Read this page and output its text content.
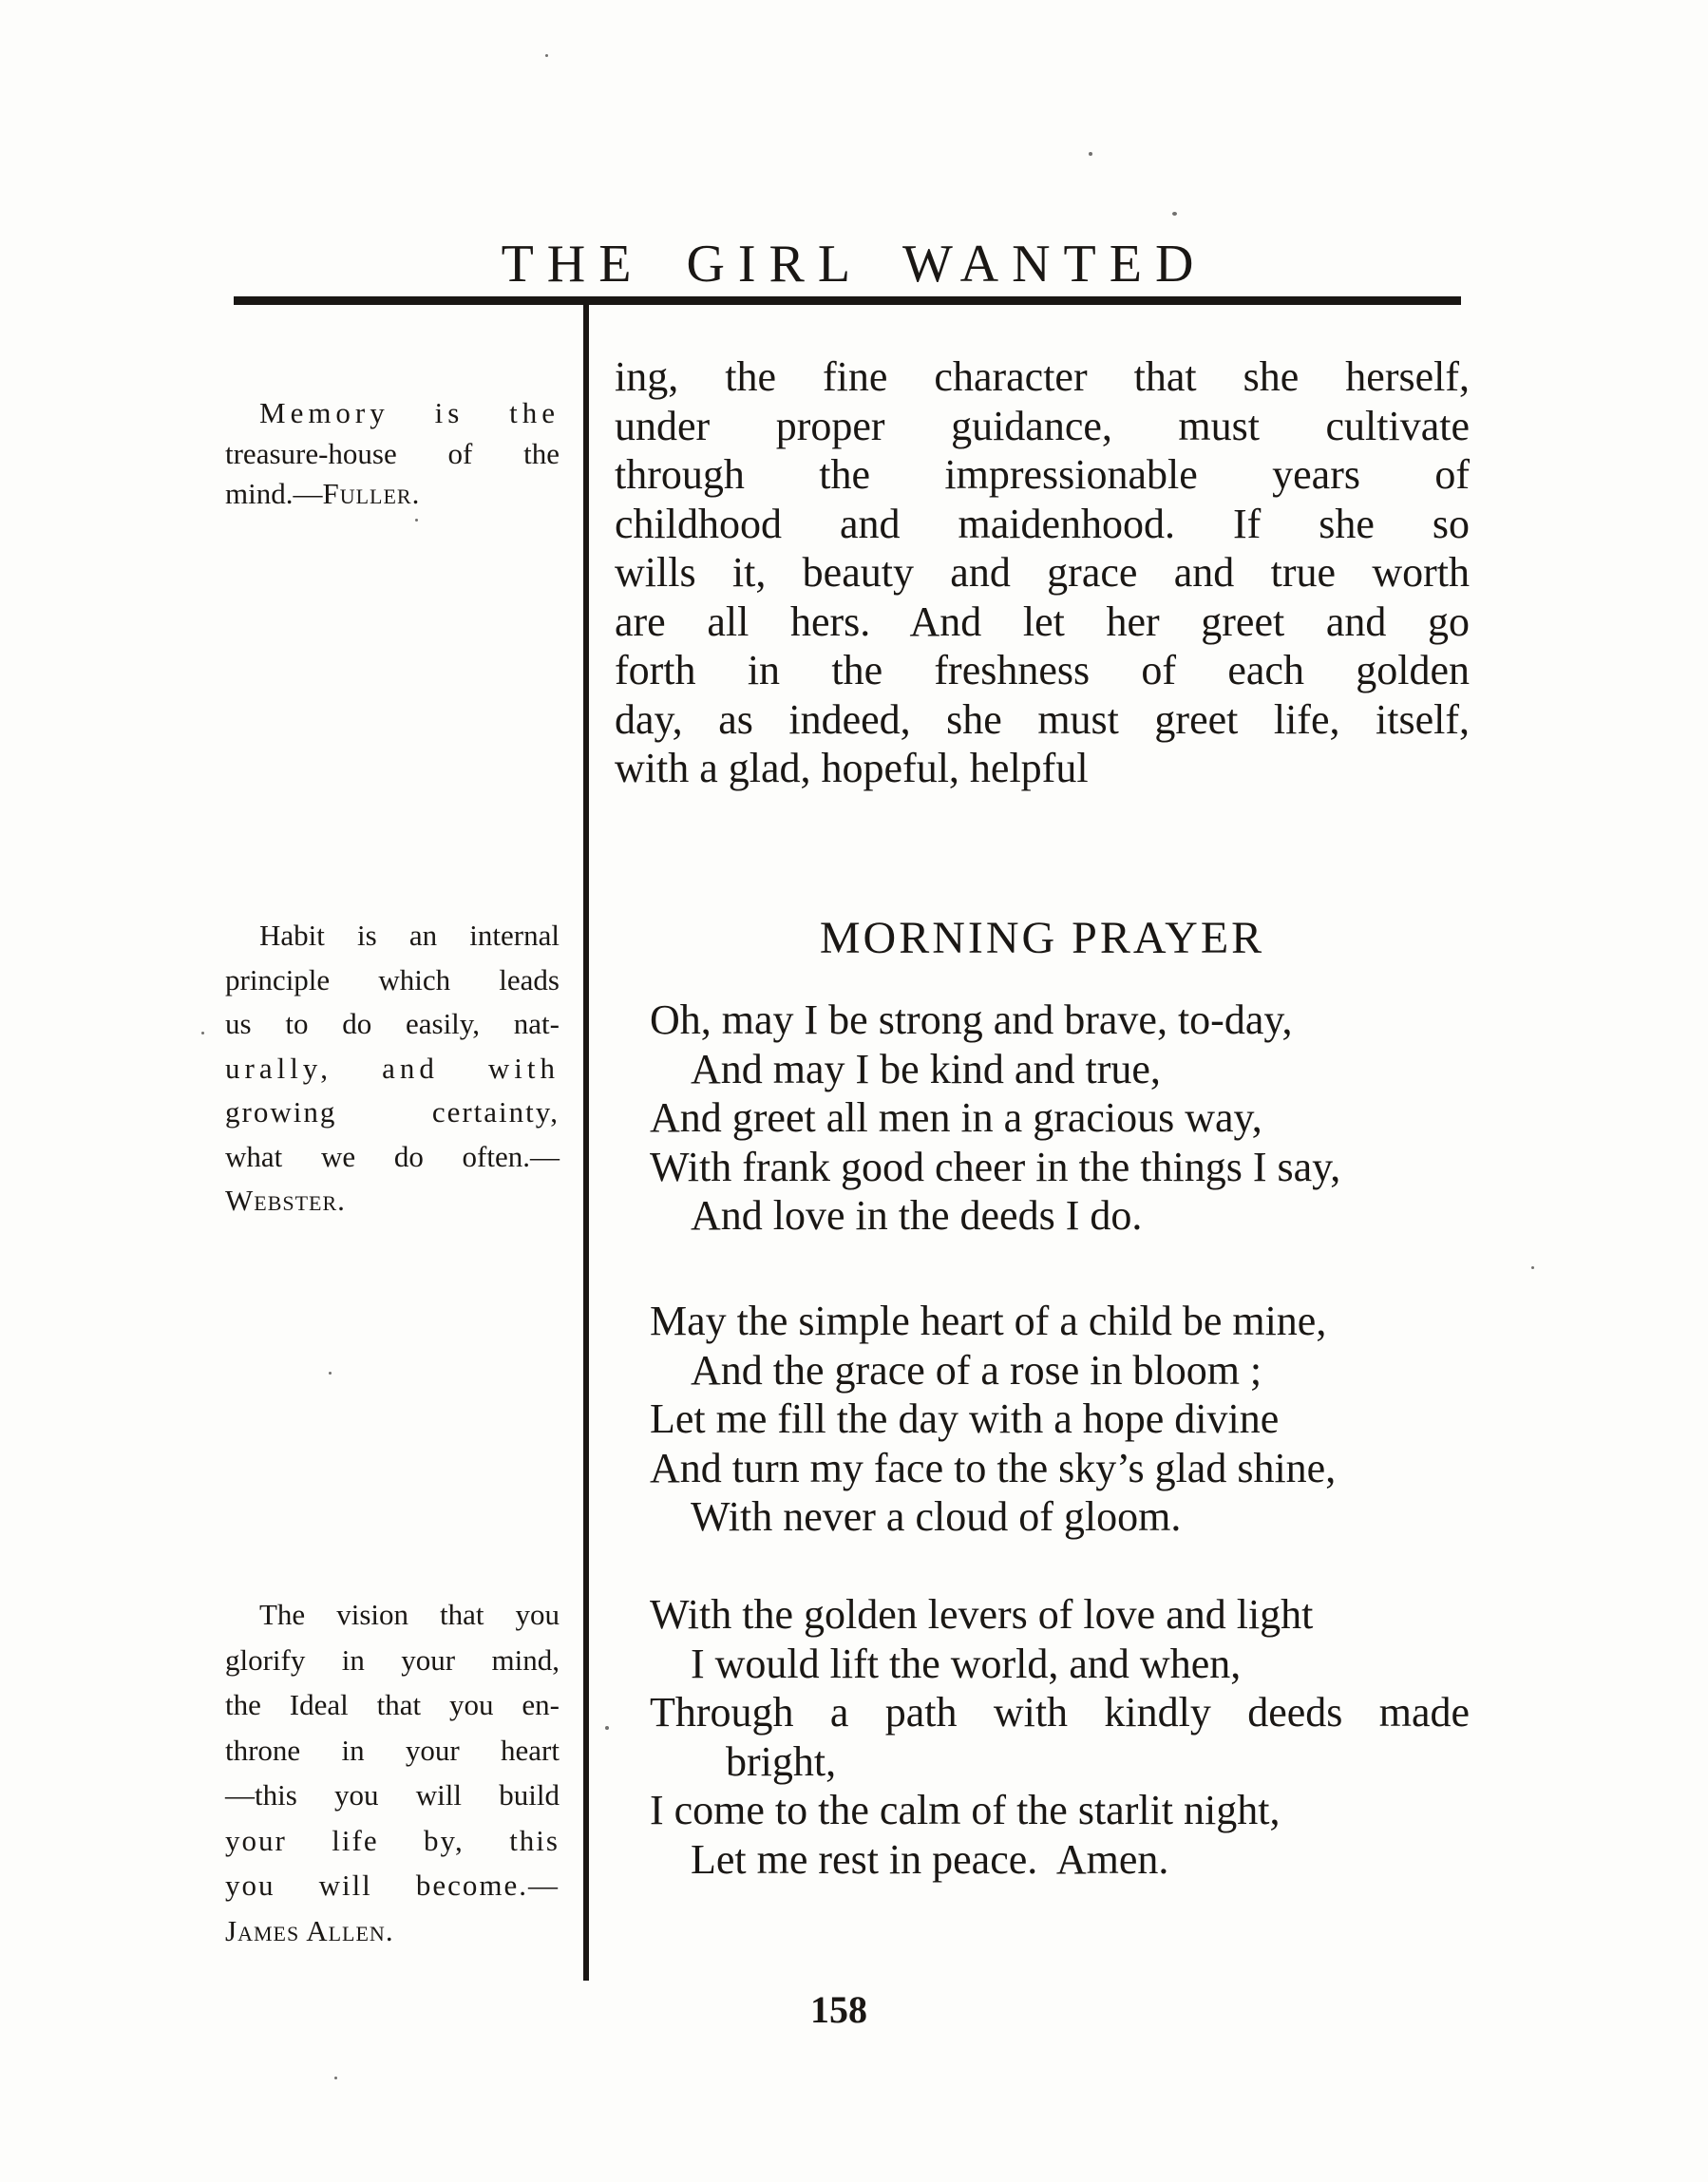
THE GIRL WANTED
Memory is the
treasure-house of the
mind.—Fuller.
Habit is an internal
principle which leads
us to do easily, nat-
urally, and with
growing certainty,
what we do often.—
Webster.
The vision that you
glorify in your mind,
the Ideal that you en-
throne in your heart
—this you will build
your life by, this
you will become.—
James Allen.
ing, the fine character that she herself,
under proper guidance, must cultivate
through the impressionable years of
childhood and maidenhood. If she so
wills it, beauty and grace and true worth
are all hers. And let her greet and go
forth in the freshness of each golden
day, as indeed, she must greet life, itself,
with a glad, hopeful, helpful
MORNING PRAYER
Oh, may I be strong and brave, to-day,
And may I be kind and true,
And greet all men in a gracious way,
With frank good cheer in the things I say,
And love in the deeds I do.
May the simple heart of a child be mine,
And the grace of a rose in bloom ;
Let me fill the day with a hope divine
And turn my face to the sky’s glad shine,
With never a cloud of gloom.
With the golden levers of love and light
I would lift the world, and when,
Through a path with kindly deeds made
bright,
I come to the calm of the starlit night,
Let me rest in peace.  Amen.
158
